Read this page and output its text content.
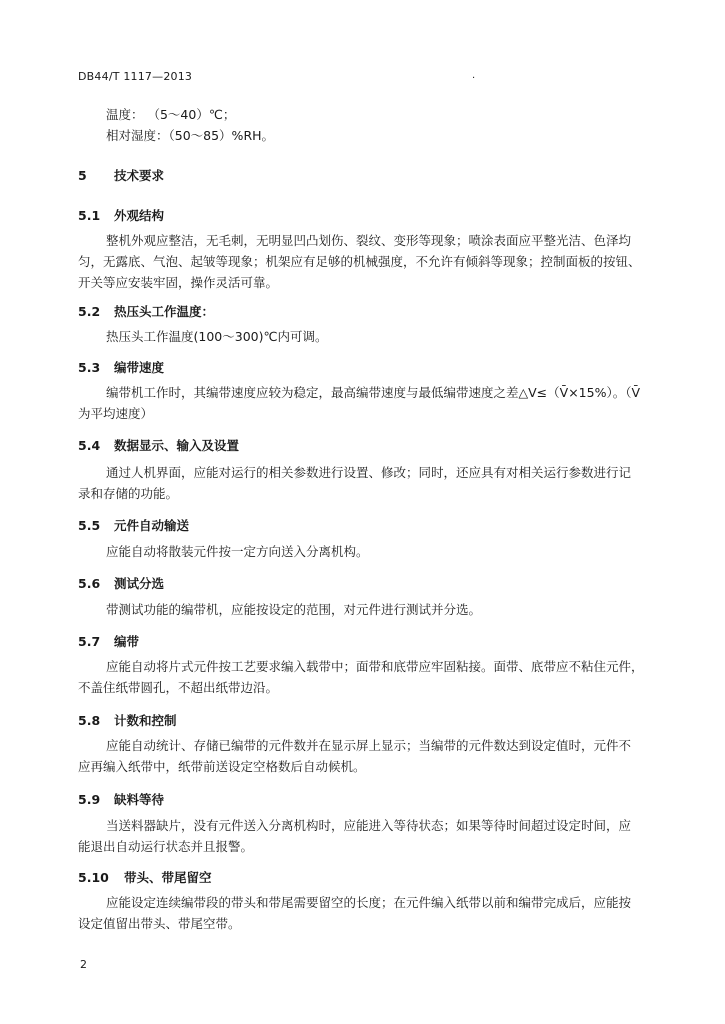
DB44/T 1117—2013	.
温度： （5～40）℃；
相对湿度：（50～85）%RH。
5 技术要求
5.1 外观结构
整机外观应整洁，无毛刺，无明显凹凸划伤、裂纹、变形等现象；喷涂表面应平整光洁、色泽均
匀，无露底、气泡、起皱等现象；机架应有足够的机械强度，不允许有倾斜等现象；控制面板的按钮、
开关等应安装牢固，操作灵活可靠。
5.2 热压头工作温度：
热压头工作温度(100～300)℃内可调。
5.3 编带速度
编带机工作时，其编带速度应较为稳定，最高编带速度与最低编带速度之差△V≤（V̄×15%）。（V̄
为平均速度）
5.4 数据显示、输入及设置
通过人机界面，应能对运行的相关参数进行设置、修改；同时，还应具有对相关运行参数进行记
录和存储的功能。
5.5 元件自动输送
应能自动将散装元件按一定方向送入分离机构。
5.6 测试分选
带测试功能的编带机，应能按设定的范围，对元件进行测试并分选。
5.7 编带
应能自动将片式元件按工艺要求编入载带中；面带和底带应牢固粘接。面带、底带应不粘住元件，
不盖住纸带圆孔，不超出纸带边沿。
5.8 计数和控制
应能自动统计、存储已编带的元件数并在显示屏上显示；当编带的元件数达到设定值时，元件不
应再编入纸带中，纸带前送设定空格数后自动候机。
5.9 缺料等待
当送料器缺片，没有元件送入分离机构时，应能进入等待状态；如果等待时间超过设定时间，应
能退出自动运行状态并且报警。
5.10 带头、带尾留空
应能设定连续编带段的带头和带尾需要留空的长度；在元件编入纸带以前和编带完成后，应能按
设定值留出带头、带尾空带。
2
